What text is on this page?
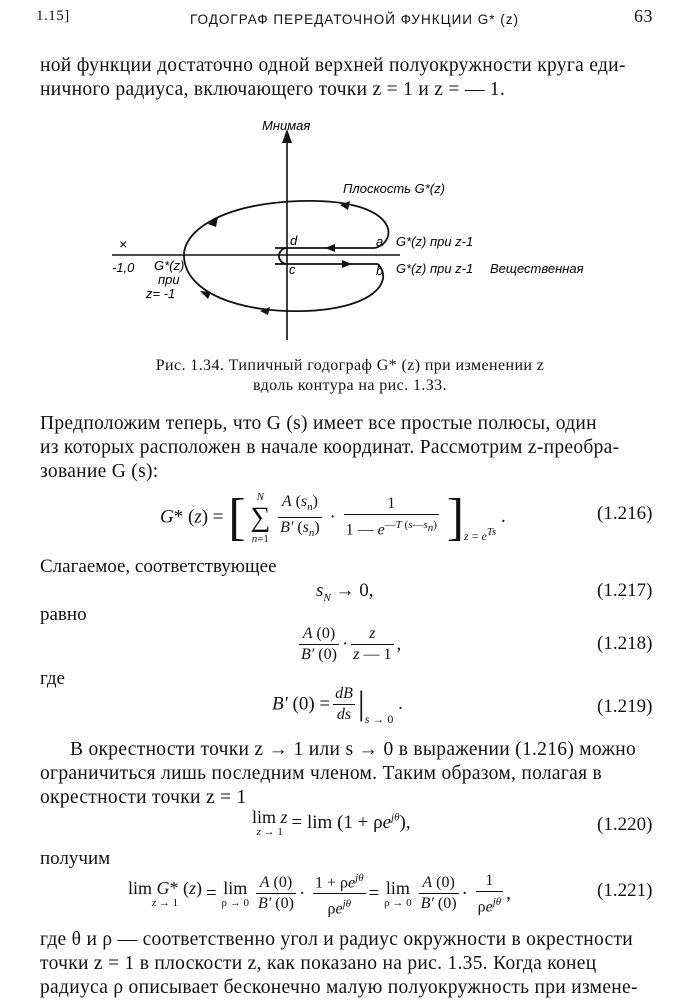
1.15]	ГОДОГРАФ ПЕРЕДАТОЧНОЙ ФУНКЦИИ G* (z)	63
ной функции достаточно одной верхней полуокружности круга еди-
ничного радиуса, включающего точки z = 1 и z = — 1.
Мнимая
×
Плоскость G*(z)
a
b
d
c
G*(z) при z-1
G*(z) при z-1 Вещественная
-1,0 G*(z)
при
z= -1
Рис. 1.34. Типичный годограф G* (z) при изменении z
вдоль контура на рис. 1.33.
Предположим теперь, что G (s) имеет все простые полюсы, один
из которых расположен в начале координат. Рассмотрим z-преобра-
зование G (s):
G* (z) = [	N
∑
n=1
$\frac{A (s_n)}{B' (s_n)} \cdot \frac{1}{1 — e^{—T (s—s_n)}} ]_{z = e^{Ts}}$ .	(1.216)
Слагаемое, соответствующее
$s_N \to 0$,	(1.217)
равно
$\frac{A (0)}{B' (0)} \cdot \frac{z}{z — 1}$ ,	(1.218)
где
B′ $(0) = \frac{dB}{ds} |_{s \to 0}$ .	(1.219)
В окрестности точки z → 1 или s → 0 в выражении (1.216) можно
ограничиться лишь последним членом. Таким образом, полагая в
окрестности точки z = 1
lim z
$z \to 1 = \lim (1 + \rho e^{j\theta})$,	(1.220)
получим
lim G* (z)
z → 1	= lim
$\rho \to 0 \frac{A (0)}{B' (0)} \cdot \frac{1 + \rho e^{j\theta}}{\rho e^{j\theta}} = \lim$
$\rho \to 0 \frac{A (0)}{B' (0)} \cdot \frac{1}{\rho e^{j\theta}}$ ,	(1.221)
где θ и ρ — соответственно угол и радиус окружности в окрестности
точки z = 1 в плоскости z, как показано на рис. 1.35. Когда конец
радиуса ρ описывает бесконечно малую полуокружность при измене-
